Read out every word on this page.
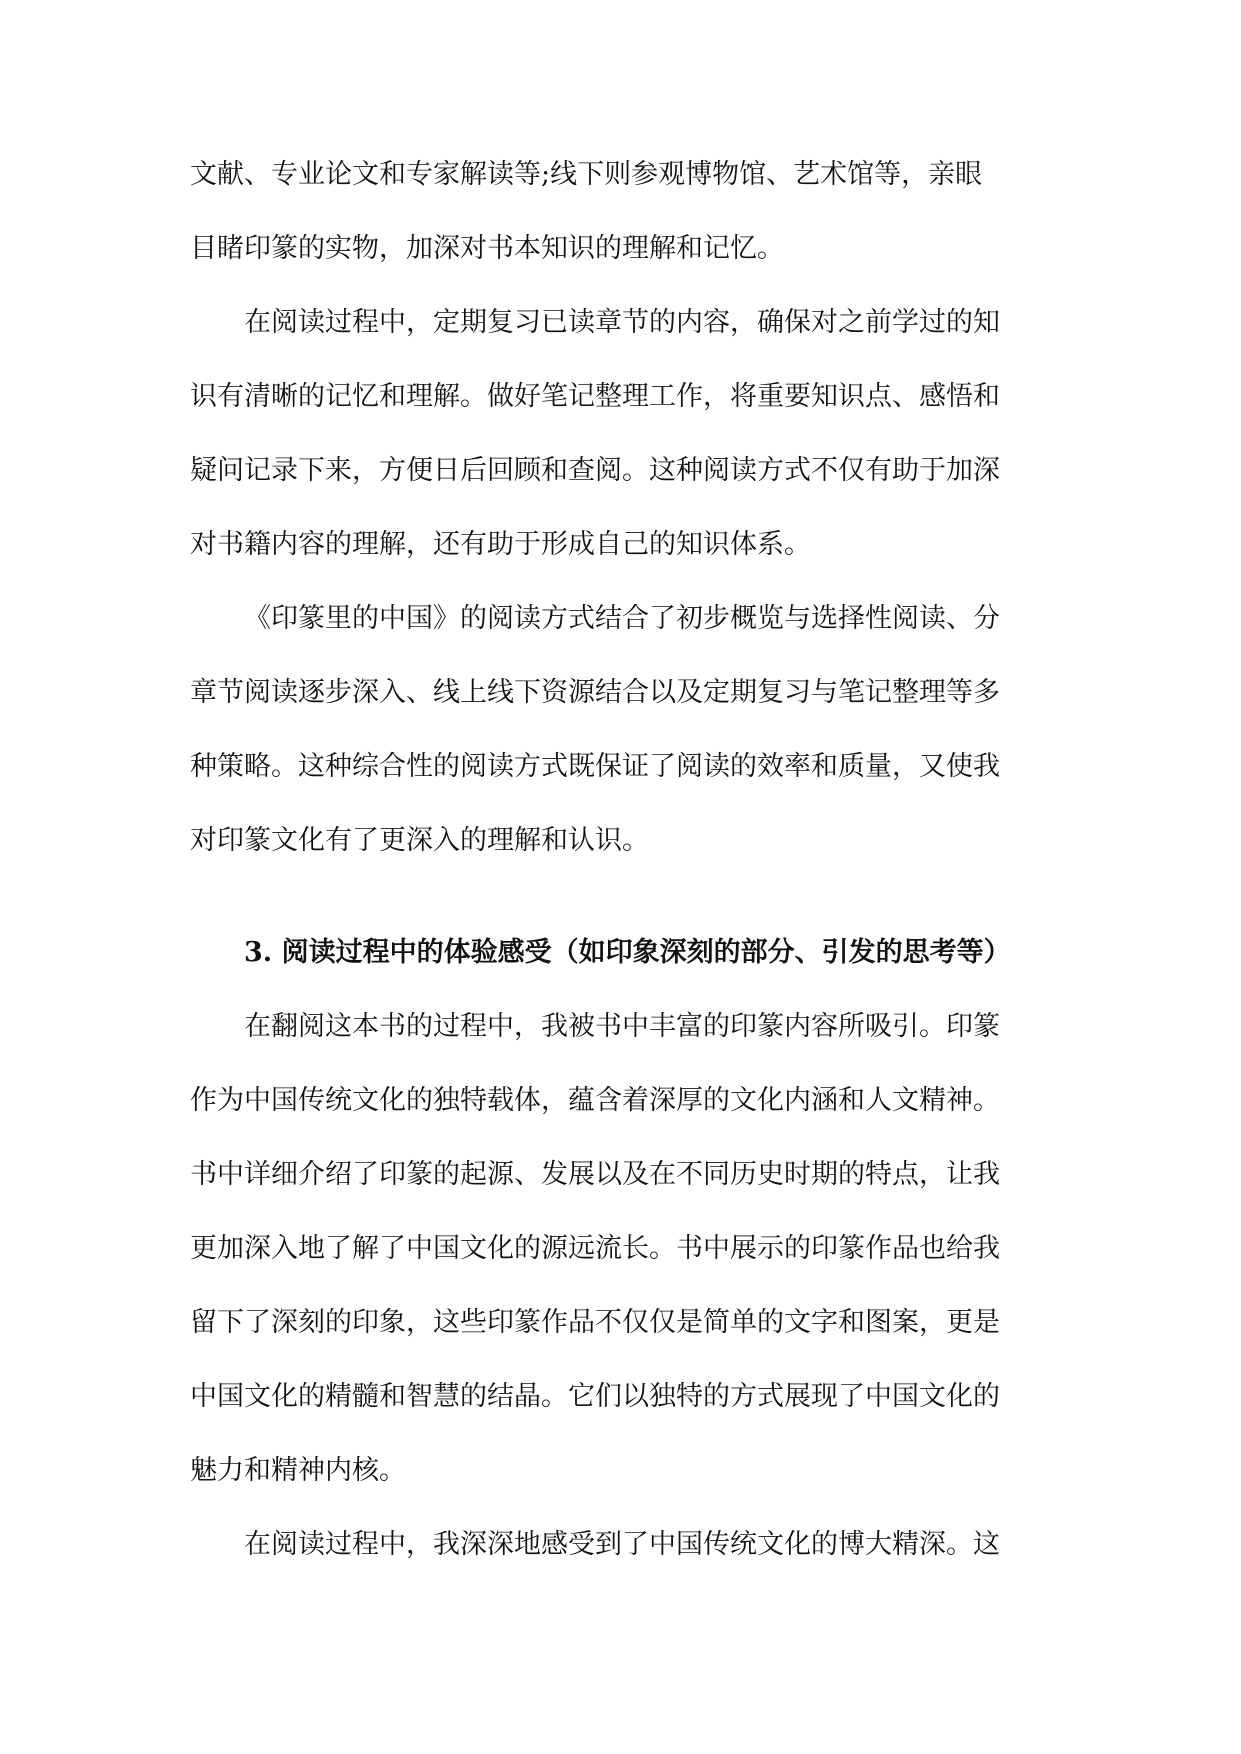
文献、专业论文和专家解读等;线下则参观博物馆、艺术馆等，亲眼
目睹印篆的实物，加深对书本知识的理解和记忆。
在阅读过程中，定期复习已读章节的内容，确保对之前学过的知
识有清晰的记忆和理解。做好笔记整理工作，将重要知识点、感悟和
疑问记录下来，方便日后回顾和查阅。这种阅读方式不仅有助于加深
对书籍内容的理解，还有助于形成自己的知识体系。
《印篆里的中国》的阅读方式结合了初步概览与选择性阅读、分
章节阅读逐步深入、线上线下资源结合以及定期复习与笔记整理等多
种策略。这种综合性的阅读方式既保证了阅读的效率和质量，又使我
对印篆文化有了更深入的理解和认识。
3. 阅读过程中的体验感受（如印象深刻的部分、引发的思考等）
在翻阅这本书的过程中，我被书中丰富的印篆内容所吸引。印篆
作为中国传统文化的独特载体，蕴含着深厚的文化内涵和人文精神。
书中详细介绍了印篆的起源、发展以及在不同历史时期的特点，让我
更加深入地了解了中国文化的源远流长。书中展示的印篆作品也给我
留下了深刻的印象，这些印篆作品不仅仅是简单的文字和图案，更是
中国文化的精髓和智慧的结晶。它们以独特的方式展现了中国文化的
魅力和精神内核。
在阅读过程中，我深深地感受到了中国传统文化的博大精深。这
